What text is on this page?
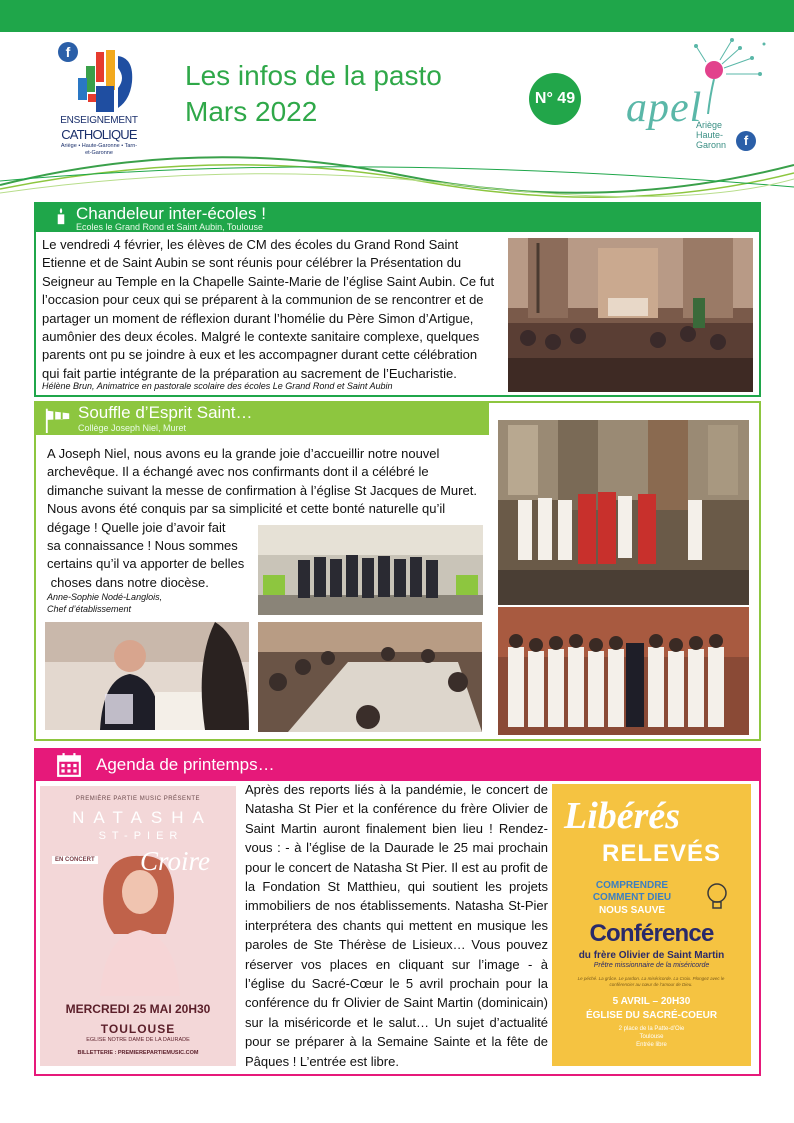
f
ENSEIGNEMENT
CATHOLIQUE
Ariège • Haute-Garonne • Tarn-et-Garonne
Les infos de la pasto
Mars 2022	N° 49 apel
Ariège
Haute-
Garonn	f
Chandeleur inter-écoles !
Ecoles le Grand Rond et Saint Aubin, Toulouse
Le vendredi 4 février, les élèves de CM des écoles du Grand Rond Saint
Etienne et de Saint Aubin se sont réunis pour célébrer la Présentation du
Seigneur au Temple en la Chapelle Sainte-Marie de l’église Saint Aubin. Ce fut
l’occasion pour ceux qui se préparent à la communion de se rencontrer et de
partager un moment de réflexion durant l’homélie du Père Simon d’Artigue,
aumônier des deux écoles. Malgré le contexte sanitaire complexe, quelques
parents ont pu se joindre à eux et les accompagner durant cette célébration
qui fait partie intégrante de la préparation au sacrement de l’Eucharistie.
Hélène Brun, Animatrice en pastorale scolaire des écoles Le Grand Rond et Saint Aubin
Souffle d’Esprit Saint…
Collège Joseph Niel, Muret
A Joseph Niel, nous avons eu la grande joie d’accueillir notre nouvel
archevêque. Il a échangé avec nos confirmants dont il a célébré le
dimanche suivant la messe de confirmation à l’église St Jacques de Muret.
Nous avons été conquis par sa simplicité et cette bonté naturelle qu’il
dégage ! Quelle joie d’avoir fait
sa connaissance ! Nous sommes
certains qu’il va apporter de belles
choses dans notre diocèse.
Anne-Sophie Nodé-Langlois,
Chef d’établissement
Agenda de printemps…
PREMIÈRE PARTIE MUSIC PRÉSENTE
NATASHA
ST-PIER
EN CONCERT Croire
MERCREDI 25 MAI 20H30
TOULOUSE
EGLISE NOTRE DAME DE LA DAURADE
BILLETTERIE : PREMIEREPARTIEMUSIC.COM
Après des reports liés à la pandémie, le concert de Natasha St Pier et la conférence du frère Olivier de Saint Martin auront finalement bien lieu ! Rendez-vous : - à l’église de la Daurade le 25 mai prochain pour le concert de Natasha St Pier. Il est au profit de la Fondation St Matthieu, qui soutient les projets immobiliers de nos établissements. Natasha St-Pier interprétera des chants qui mettent en musique les paroles de Ste Thérèse de Lisieux… Vous pouvez réserver vos places en cliquant sur l’image - à l’église du Sacré-Cœur le 5 avril prochain pour la conférence du fr Olivier de Saint Martin (dominicain) sur la miséricorde et le salut… Un sujet d’actualité pour se préparer à la Semaine Sainte et la fête de Pâques ! L’entrée est libre.
Libérés
RELEVÉS
COMPRENDRE
COMMENT DIEU
NOUS SAUVE
Conférence
du frère Olivier de Saint Martin
Prêtre missionnaire de la miséricorde
Le péché. La grâce. Le pardon. La miséricorde. La Croix. Plongez avec le conférencier au cœur de l’amour de Dieu.
5 AVRIL – 20H30
ÉGLISE DU SACRÉ-COEUR
2 place de la Patte-d’Oie
Toulouse
Entrée libre
